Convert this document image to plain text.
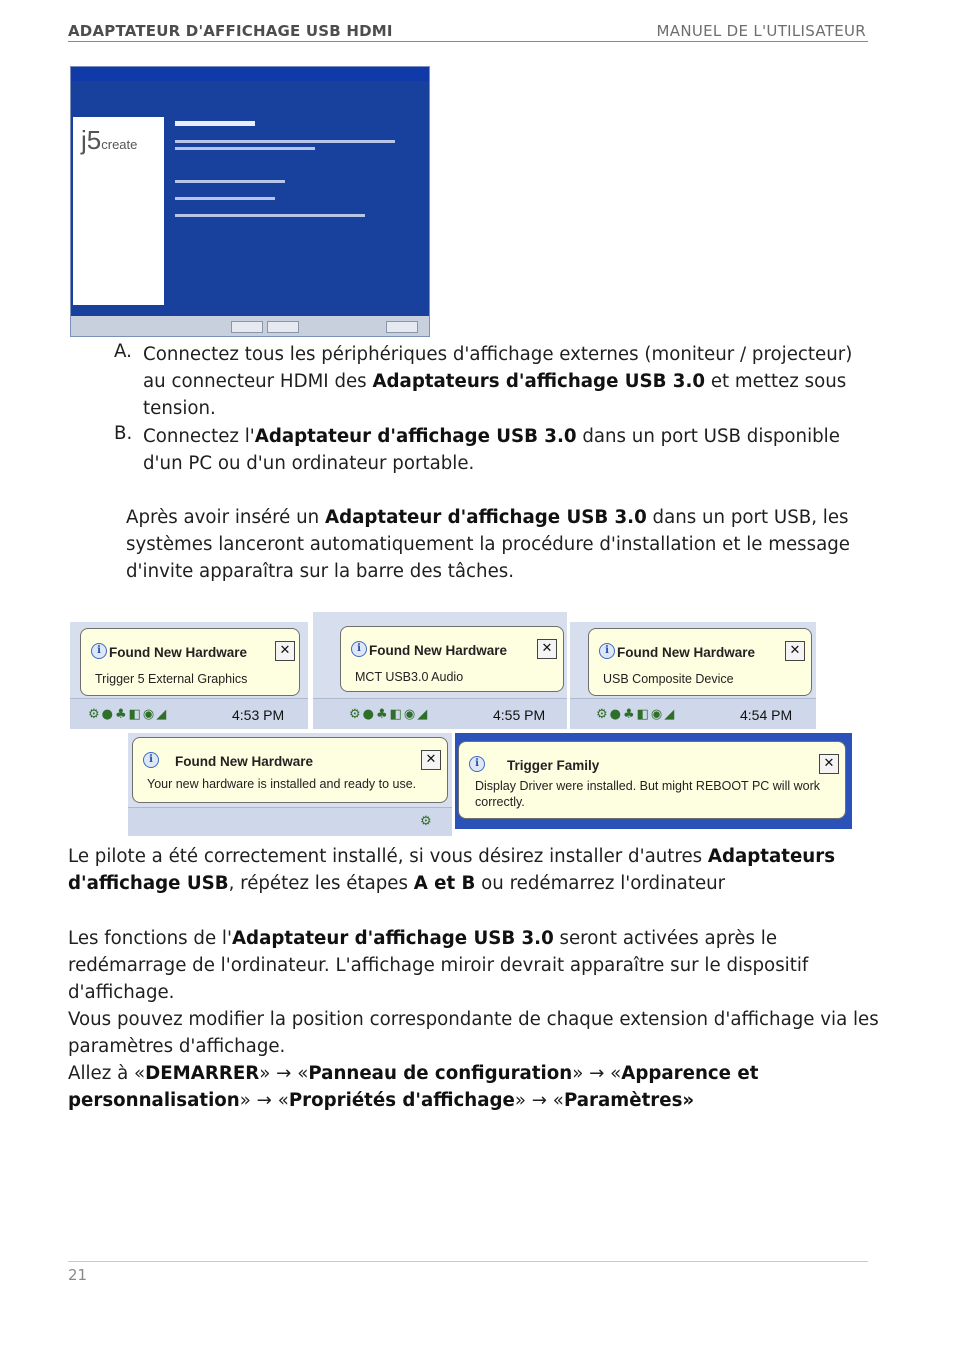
ADAPTATEUR D'AFFICHAGE USB HDMI	MANUEL DE L'UTILISATEUR
j5create
A. Connectez tous les périphériques d'affichage externes (moniteur / projecteur) au connecteur HDMI des Adaptateurs d'affichage USB 3.0 et mettez sous tension.
B. Connectez l'Adaptateur d'affichage USB 3.0 dans un port USB disponible d'un PC ou d'un ordinateur portable.
Après avoir inséré un Adaptateur d'affichage USB 3.0 dans un port USB, les systèmes lanceront automatiquement la procédure d'installation et le message d'invite apparaîtra sur la barre des tâches.
i Found New Hardware	✕
Trigger 5 External Graphics
⚙●♣◧◉◢	4:53 PM
i Found New Hardware	✕
MCT USB3.0 Audio
⚙●♣◧◉◢	4:55 PM
i Found New Hardware	✕
USB Composite Device
⚙●♣◧◉◢	4:54 PM
i	Found New Hardware	✕
Your new hardware is installed and ready to use.
⚙
i	Trigger Family	✕
Display Driver were installed. But might REBOOT PC will work correctly.
Le pilote a été correctement installé, si vous désirez installer d'autres Adaptateurs d'affichage USB, répétez les étapes A et B ou redémarrez l'ordinateur
Les fonctions de l'Adaptateur d'affichage USB 3.0 seront activées après le redémarrage de l'ordinateur. L'affichage miroir devrait apparaître sur le dispositif d'affichage.
Vous pouvez modifier la position correspondante de chaque extension d'affichage via les paramètres d'affichage.
Allez à «DEMARRER» → «Panneau de configuration» → «Apparence et personnalisation» → «Propriétés d'affichage» → «Paramètres»
21
